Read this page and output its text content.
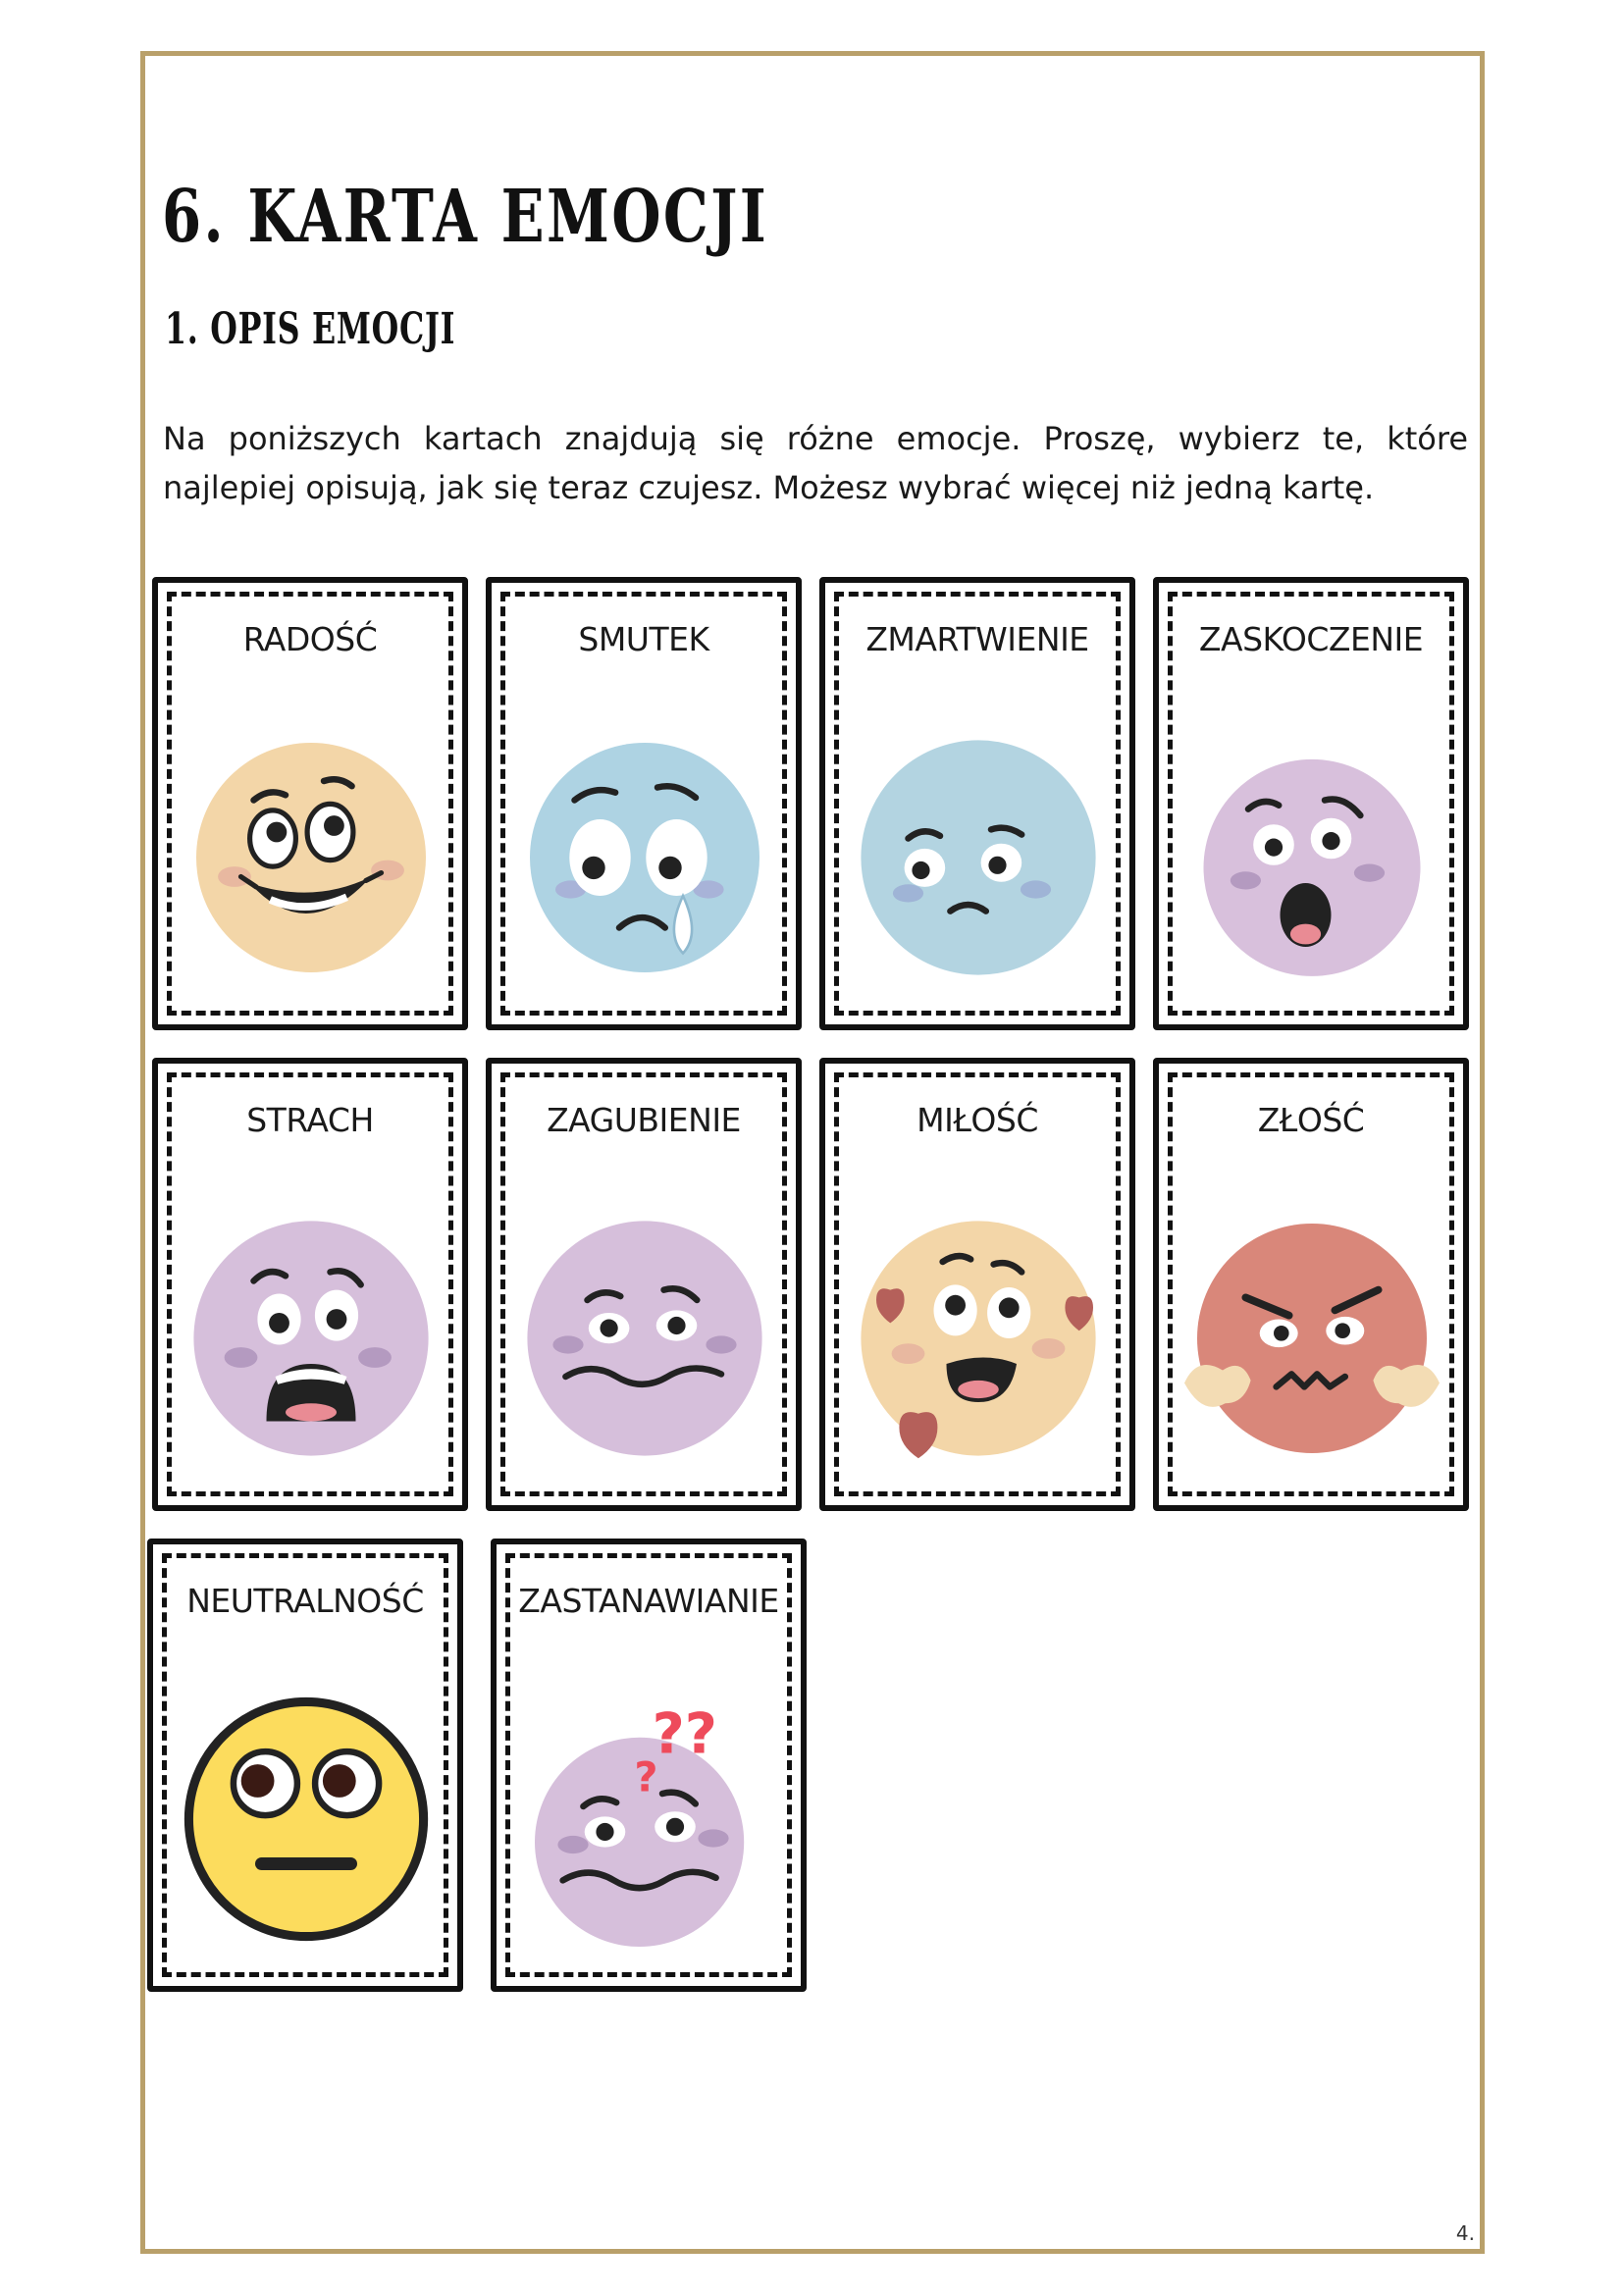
6. KARTA EMOCJI
1. OPIS EMOCJI

Na poniższych kartach znajdują się różne emocje. Proszę, wybierz te, które najlepiej opisują, jak się teraz czujesz. Możesz wybrać więcej niż jedną kartę.

RADOŚĆ	SMUTEK	ZMARTWIENIE	ZASKOCZENIE
STRACH	ZAGUBIENIE	MIŁOŚĆ	ZŁOŚĆ
NEUTRALNOŚĆ	ZASTANAWIANIE
??
?
4.
